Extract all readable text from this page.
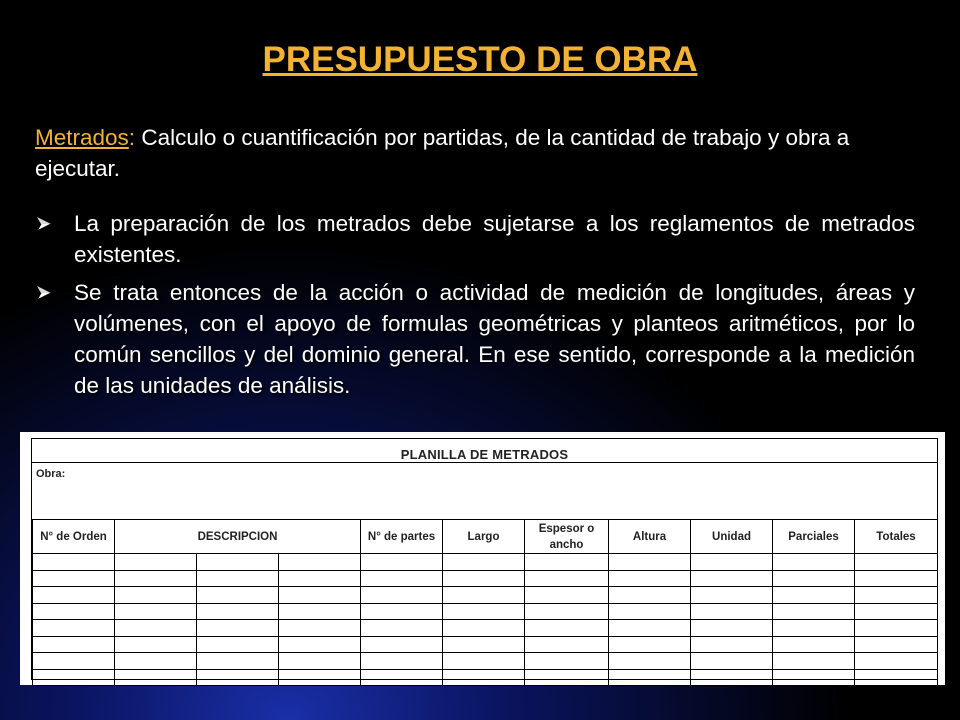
PRESUPUESTO DE OBRA
Metrados: Calculo o cuantificación por partidas, de la cantidad de trabajo y obra a ejecutar.
La preparación de los metrados debe sujetarse a los reglamentos de metrados existentes.
Se trata entonces de la acción o actividad de medición de longitudes, áreas y volúmenes, con el apoyo de formulas geométricas y planteos aritméticos, por lo común sencillos y del dominio general. En ese sentido, corresponde a la medición de las unidades de análisis.
PLANILLA DE METRADOS
Obra:
N° de Orden	DESCRIPCION			N° de partes	Largo	Espesor o ancho	Altura	Unidad	Parciales	Totales
